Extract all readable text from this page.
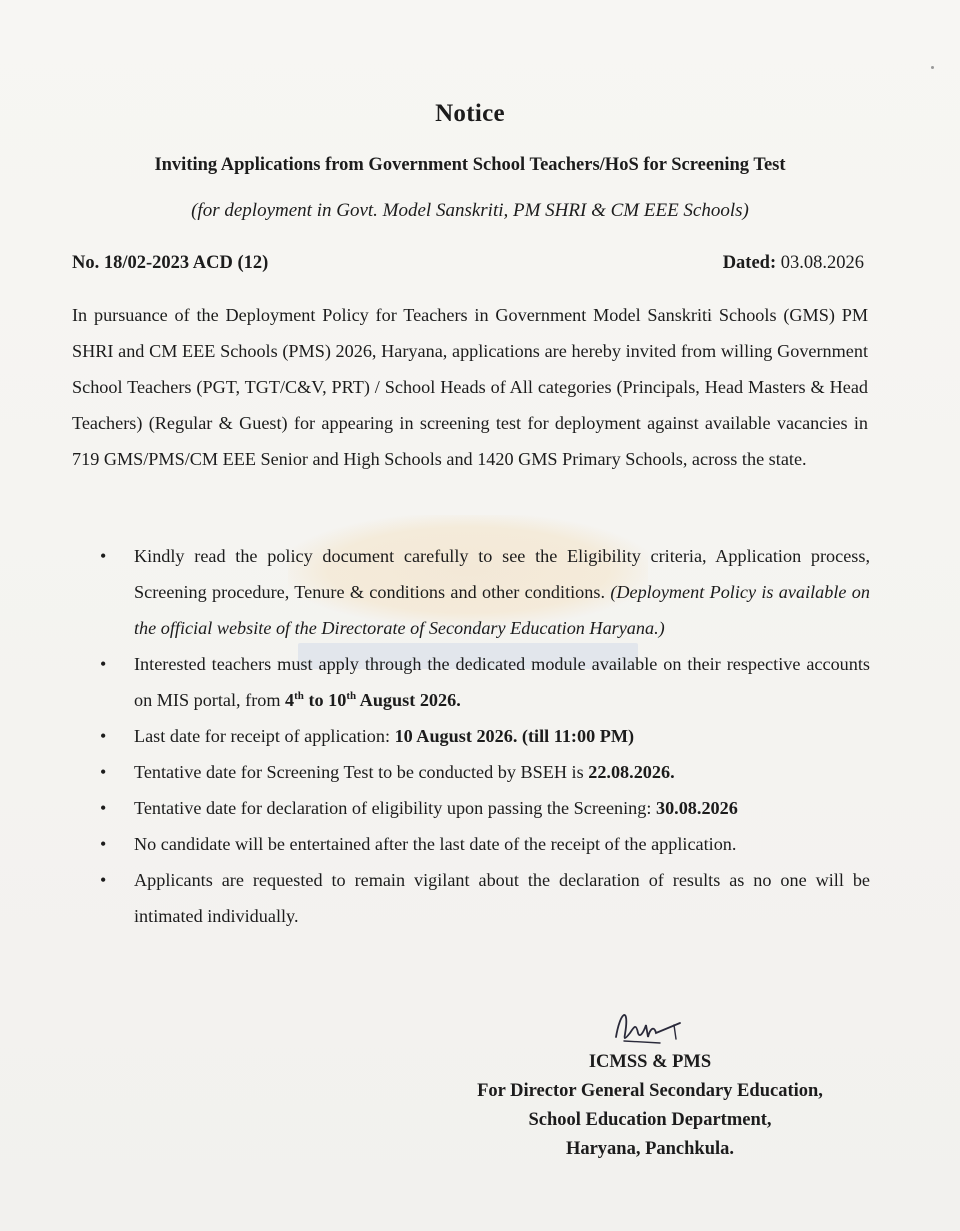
Notice
Inviting Applications from Government School Teachers/HoS for Screening Test
(for deployment in Govt. Model Sanskriti, PM SHRI & CM EEE Schools)
No. 18/02-2023 ACD (12)	Dated: 03.08.2026
In pursuance of the Deployment Policy for Teachers in Government Model Sanskriti Schools (GMS) PM SHRI and CM EEE Schools (PMS) 2026, Haryana, applications are hereby invited from willing Government School Teachers (PGT, TGT/C&V, PRT) / School Heads of All categories (Principals, Head Masters & Head Teachers) (Regular & Guest) for appearing in screening test for deployment against available vacancies in 719 GMS/PMS/CM EEE Senior and High Schools and 1420 GMS Primary Schools, across the state.
• Kindly read the policy document carefully to see the Eligibility criteria, Application process, Screening procedure, Tenure & conditions and other conditions. (Deployment Policy is available on the official website of the Directorate of Secondary Education Haryana.)
• Interested teachers must apply through the dedicated module available on their respective accounts on MIS portal, from 4th to 10th August 2026.
• Last date for receipt of application: 10 August 2026. (till 11:00 PM)
• Tentative date for Screening Test to be conducted by BSEH is 22.08.2026.
• Tentative date for declaration of eligibility upon passing the Screening: 30.08.2026
• No candidate will be entertained after the last date of the receipt of the application.
• Applicants are requested to remain vigilant about the declaration of results as no one will be intimated individually.
ICMSS & PMS
For Director General Secondary Education,
School Education Department,
Haryana, Panchkula.
